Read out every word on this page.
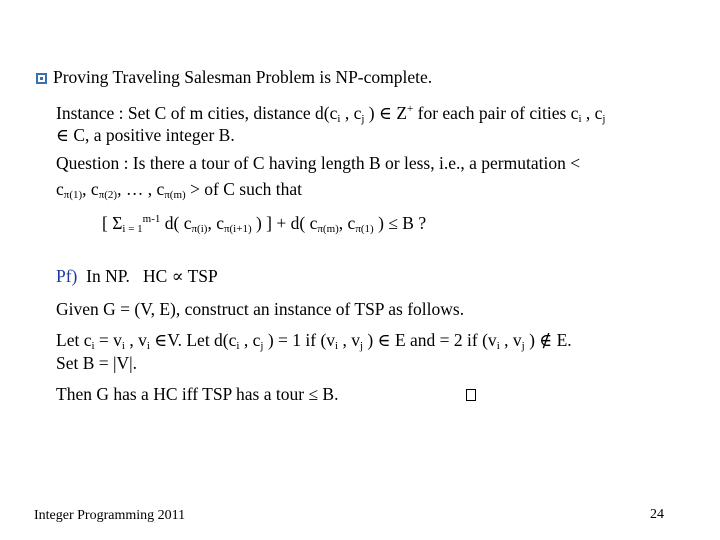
Proving Traveling Salesman Problem is NP-complete.
Instance : Set C of m cities, distance $d(c_i$ , $c_j$ ) ∈ Z+ for each pair of cities $c_i$ , $c_j$
∈ C, a positive integer B.
Question : Is there a tour of C having length B or less, i.e., a permutation <
$c_{\pi(1)}$, $c_{\pi(2)}$, … , $c_{\pi(m)}$ > of C such that
[ $\Sigma_{i = 1}^{m-1}$ d( $c_{\pi(i)}$, $c_{\pi(i+1)}$ ) ] + d( $c_{\pi(m)}$, $c_{\pi(1)}$ ) ≤ B ?
Pf)  In NP.   HC ∝ TSP
Given G = (V, E), construct an instance of TSP as follows.
Let $c_i = v_i$ , $v_i$ ∈V. Let $d(c_i$ , $c_j$ ) = 1 if ($v_i$ , $v_j$ ) ∈ E and = 2 if ($v_i$ , $v_j$ ) ∉ E.
Set B = |V|.
Then G has a HC iff TSP has a tour ≤ B.
Integer Programming 2011	24
